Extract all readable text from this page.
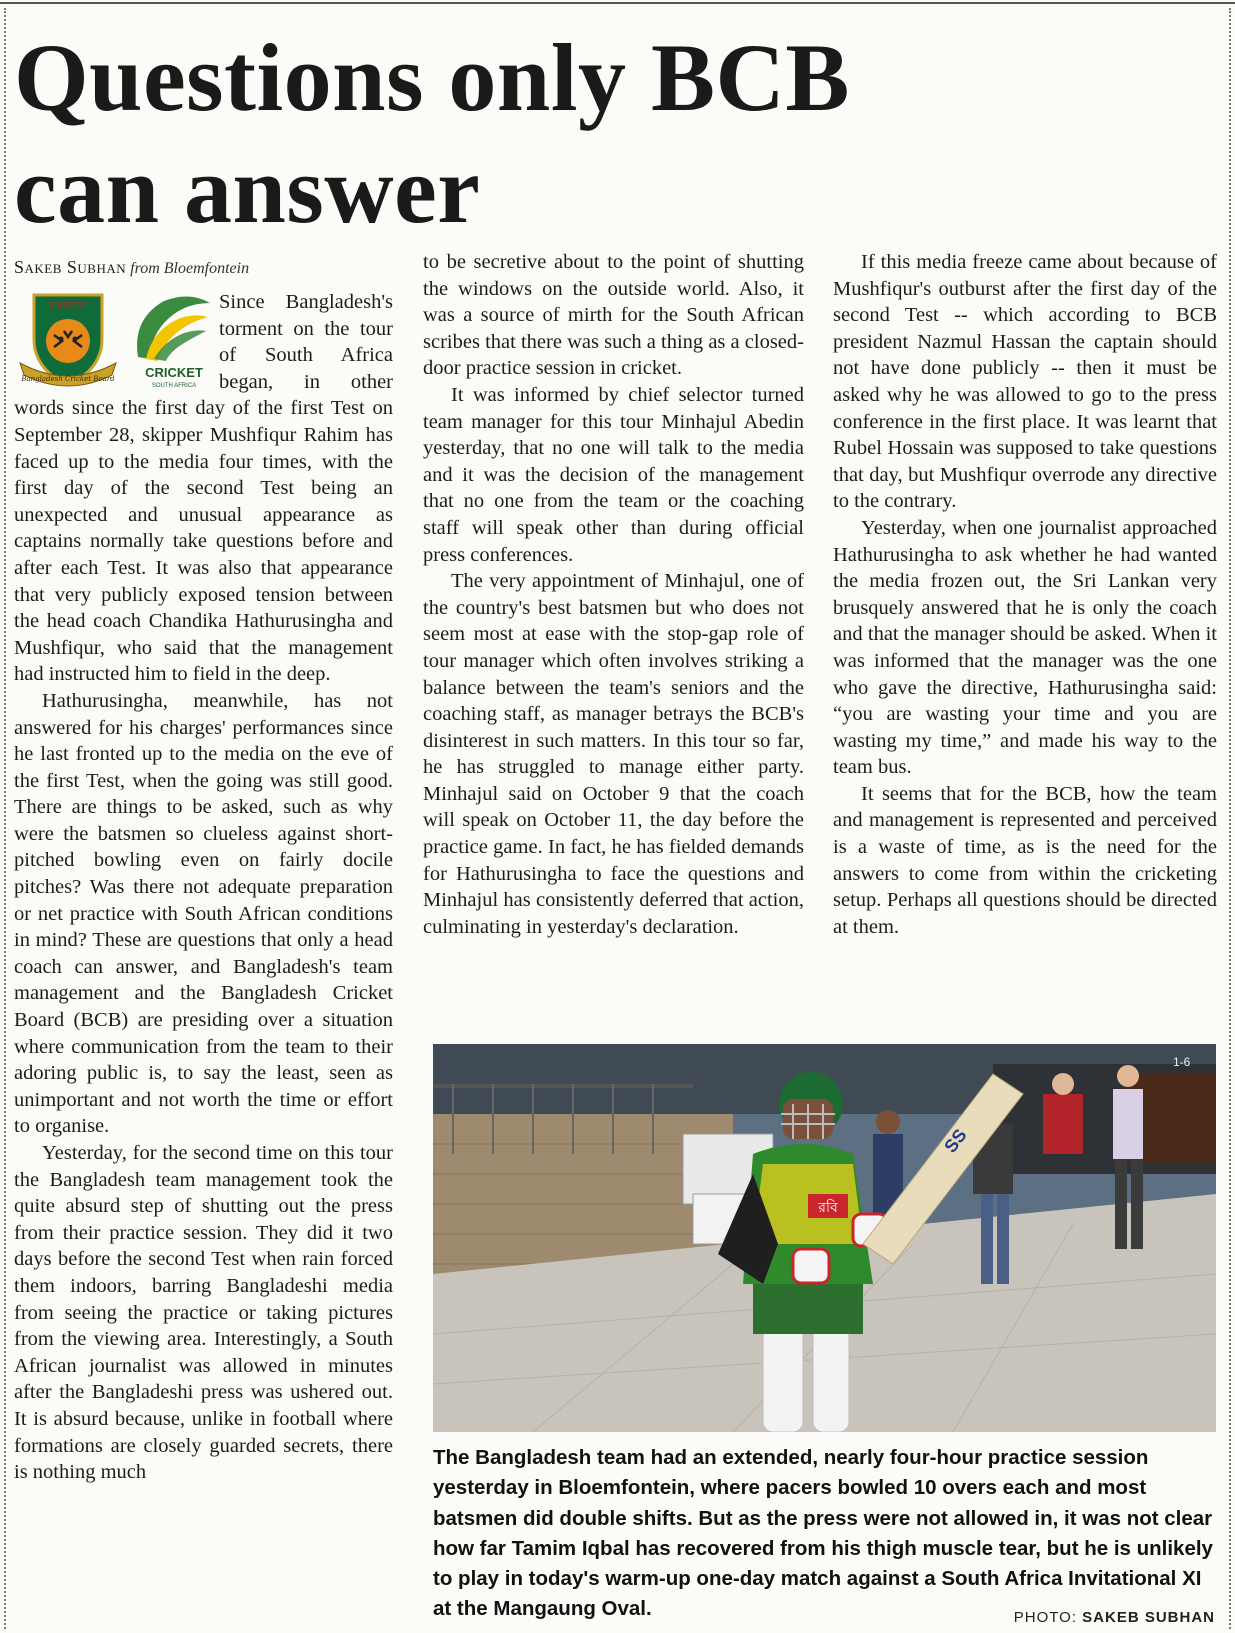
Questions only BCB
can answer
Sakeb Subhan from Bloemfontein
বাংলাদেশ
Bangladesh Cricket Board CRICKET
SOUTH AFRICA

Since Bangladesh's torment on the tour of South Africa began, in other words since the first day of the first Test on September 28, skipper Mushfiqur Rahim has faced up to the media four times, with the first day of the second Test being an unexpected and unusual appearance as captains normally take questions before and after each Test. It was also that appearance that very publicly exposed tension between the head coach Chandika Hathurusingha and Mushfiqur, who said that the management had instructed him to field in the deep.

Hathurusingha, meanwhile, has not answered for his charges' performances since he last fronted up to the media on the eve of the first Test, when the going was still good. There are things to be asked, such as why were the batsmen so clueless against short-pitched bowling even on fairly docile pitches? Was there not adequate preparation or net practice with South African conditions in mind? These are questions that only a head coach can answer, and Bangladesh's team management and the Bangladesh Cricket Board (BCB) are presiding over a situation where communication from the team to their adoring public is, to say the least, seen as unimportant and not worth the time or effort to organise.

Yesterday, for the second time on this tour the Bangladesh team management took the quite absurd step of shutting out the press from their practice session. They did it two days before the second Test when rain forced them indoors, barring Bangladeshi media from seeing the practice or taking pictures from the viewing area. Interestingly, a South African journalist was allowed in minutes after the Bangladeshi press was ushered out. It is absurd because, unlike in football where formations are closely guarded secrets, there is nothing much

to be secretive about to the point of shutting the windows on the outside world. Also, it was a source of mirth for the South African scribes that there was such a thing as a closed-door practice session in cricket.

It was informed by chief selector turned team manager for this tour Minhajul Abedin yesterday, that no one will talk to the media and it was the decision of the management that no one from the team or the coaching staff will speak other than during official press conferences.

The very appointment of Minhajul, one of the country's best batsmen but who does not seem most at ease with the stop-gap role of tour manager which often involves striking a balance between the team's seniors and the coaching staff, as manager betrays the BCB's disinterest in such matters. In this tour so far, he has struggled to manage either party. Minhajul said on October 9 that the coach will speak on October 11, the day before the practice game. In fact, he has fielded demands for Hathurusingha to face the questions and Minhajul has consistently deferred that action, culminating in yesterday's declaration.

If this media freeze came about because of Mushfiqur's outburst after the first day of the second Test -- which according to BCB president Nazmul Hassan the captain should not have done publicly -- then it must be asked why he was allowed to go to the press conference in the first place. It was learnt that Rubel Hossain was supposed to take questions that day, but Mushfiqur overrode any directive to the contrary.

Yesterday, when one journalist approached Hathurusingha to ask whether he had wanted the media frozen out, the Sri Lankan very brusquely answered that he is only the coach and that the manager should be asked. When it was informed that the manager was the one who gave the directive, Hathurusingha said: “you are wasting your time and you are wasting my time,” and made his way to the team bus.

It seems that for the BCB, how the team and management is represented and perceived is a waste of time, as is the need for the answers to come from within the cricketing setup. Perhaps all questions should be directed at them.

1-6
রবি
SS
The Bangladesh team had an extended, nearly four-hour practice session yesterday in Bloemfontein, where pacers bowled 10 overs each and most batsmen did double shifts. But as the press were not allowed in, it was not clear how far Tamim Iqbal has recovered from his thigh muscle tear, but he is unlikely to play in today's warm-up one-day match against a South Africa Invitational XI at the Mangaung Oval.	PHOTO: SAKEB SUBHAN
